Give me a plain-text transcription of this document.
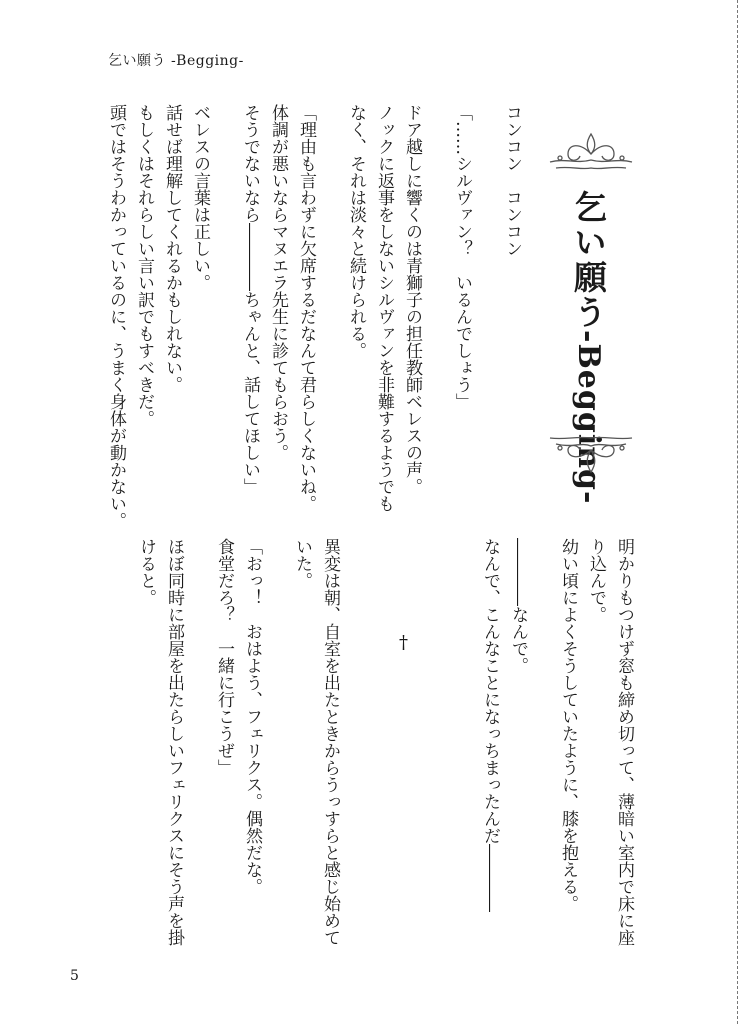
乞い願う -Begging-
乞い願う-Begging-
コンコン　コンコン
「……シルヴァン？　いるんでしょう」
ドア越しに響くのは青獅子の担任教師ベレスの声。
ノックに返事をしないシルヴァンを非難するようでも
なく、それは淡々と続けられる。
「理由も言わずに欠席するだなんて君らしくないね。
体調が悪いならマヌエラ先生に診てもらおう。
そうでないなら――――ちゃんと、話してほしい」
ベレスの言葉は正しい。
話せば理解してくれるかもしれない。
もしくはそれらしい言い訳でもすべきだ。
頭ではそうわかっているのに、うまく身体が動かない。
†	明かりもつけず窓も締め切って、薄暗い室内で床に座
り込んで。
幼い頃によくそうしていたように、膝を抱える。
――――なんで。
なんで、こんなことになっちまったんだ――――
異変は朝、自室を出たときからうっすらと感じ始めて
いた。
「おっ！　おはよう、フェリクス。偶然だな。
食堂だろ？　一緒に行こうぜ」
ほぼ同時に部屋を出たらしいフェリクスにそう声を掛
けると。
5
